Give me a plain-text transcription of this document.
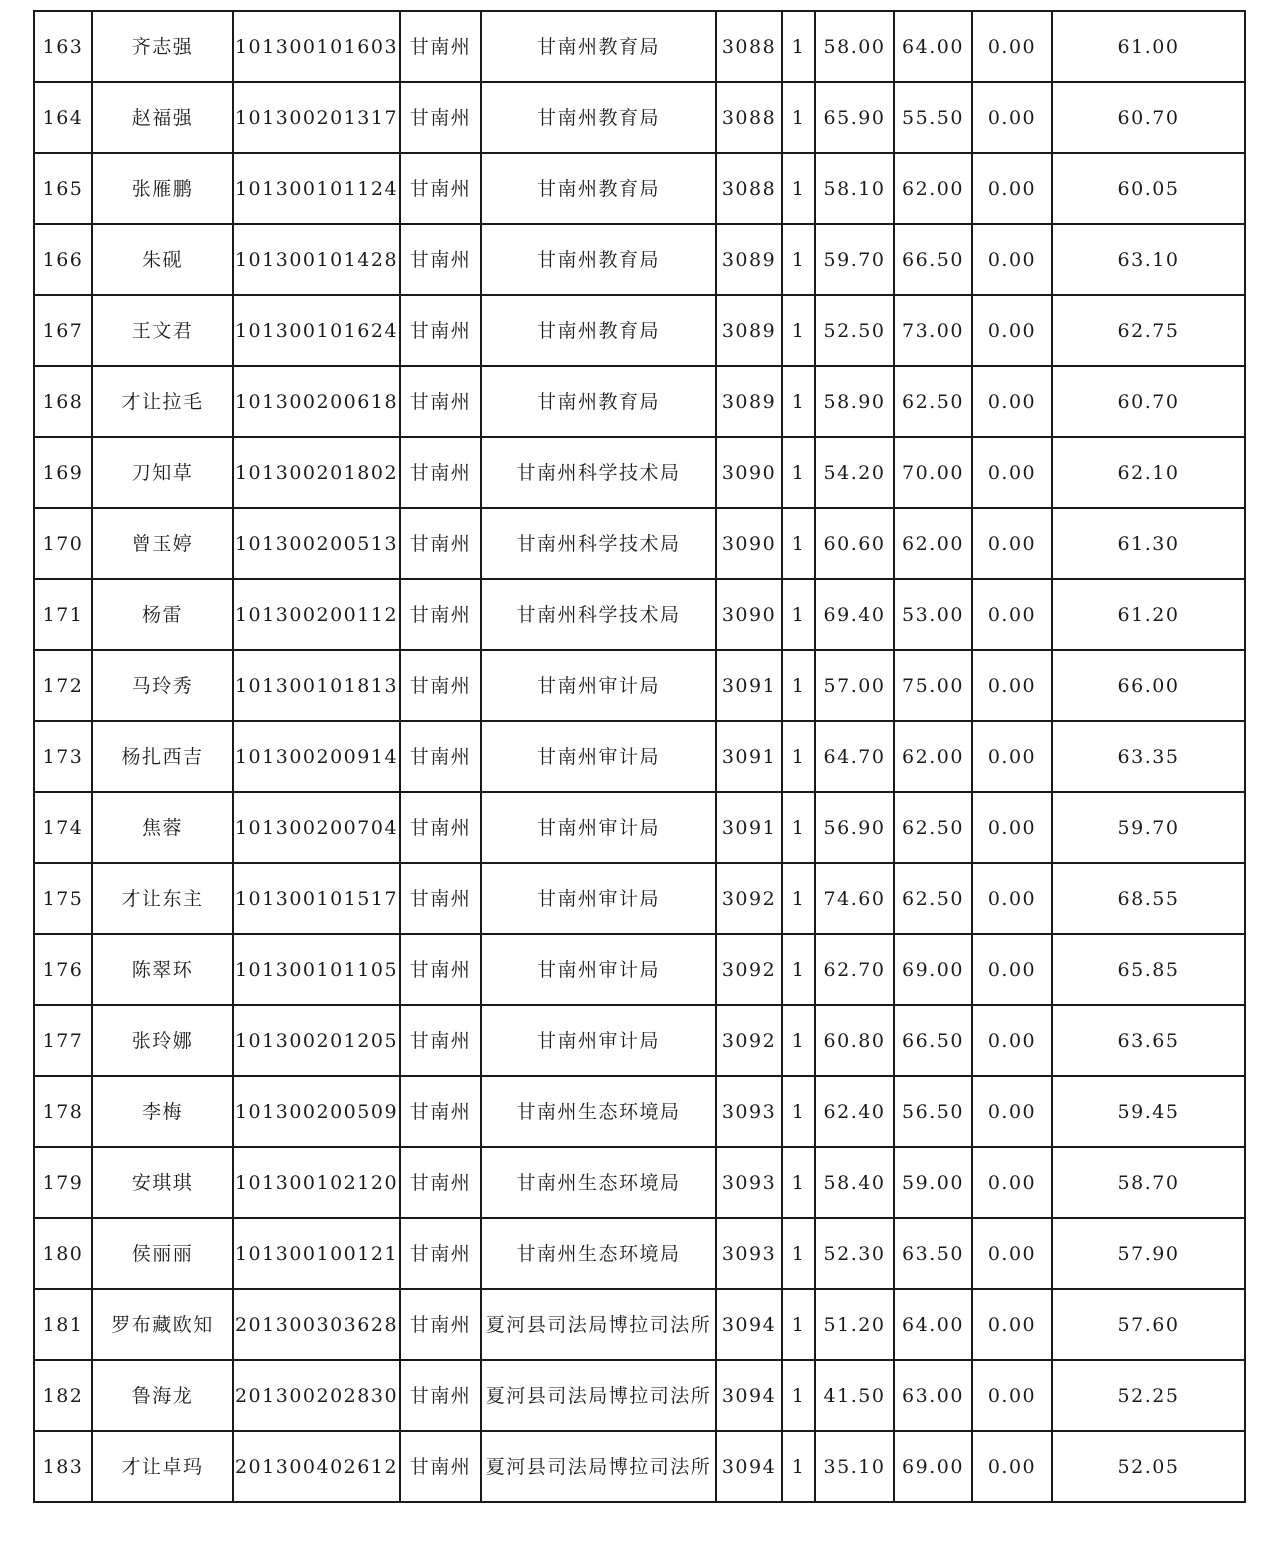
163	齐志强	101300101603	甘南州	甘南州教育局	3088	1	58.00	64.00	0.00	61.00
164	赵福强	101300201317	甘南州	甘南州教育局	3088	1	65.90	55.50	0.00	60.70
165	张雁鹏	101300101124	甘南州	甘南州教育局	3088	1	58.10	62.00	0.00	60.05
166	朱砚	101300101428	甘南州	甘南州教育局	3089	1	59.70	66.50	0.00	63.10
167	王文君	101300101624	甘南州	甘南州教育局	3089	1	52.50	73.00	0.00	62.75
168	才让拉毛	101300200618	甘南州	甘南州教育局	3089	1	58.90	62.50	0.00	60.70
169	刀知草	101300201802	甘南州	甘南州科学技术局	3090	1	54.20	70.00	0.00	62.10
170	曾玉婷	101300200513	甘南州	甘南州科学技术局	3090	1	60.60	62.00	0.00	61.30
171	杨雷	101300200112	甘南州	甘南州科学技术局	3090	1	69.40	53.00	0.00	61.20
172	马玲秀	101300101813	甘南州	甘南州审计局	3091	1	57.00	75.00	0.00	66.00
173	杨扎西吉	101300200914	甘南州	甘南州审计局	3091	1	64.70	62.00	0.00	63.35
174	焦蓉	101300200704	甘南州	甘南州审计局	3091	1	56.90	62.50	0.00	59.70
175	才让东主	101300101517	甘南州	甘南州审计局	3092	1	74.60	62.50	0.00	68.55
176	陈翠环	101300101105	甘南州	甘南州审计局	3092	1	62.70	69.00	0.00	65.85
177	张玲娜	101300201205	甘南州	甘南州审计局	3092	1	60.80	66.50	0.00	63.65
178	李梅	101300200509	甘南州	甘南州生态环境局	3093	1	62.40	56.50	0.00	59.45
179	安琪琪	101300102120	甘南州	甘南州生态环境局	3093	1	58.40	59.00	0.00	58.70
180	侯丽丽	101300100121	甘南州	甘南州生态环境局	3093	1	52.30	63.50	0.00	57.90
181	罗布藏欧知	201300303628	甘南州	夏河县司法局博拉司法所	3094	1	51.20	64.00	0.00	57.60
182	鲁海龙	201300202830	甘南州	夏河县司法局博拉司法所	3094	1	41.50	63.00	0.00	52.25
183	才让卓玛	201300402612	甘南州	夏河县司法局博拉司法所	3094	1	35.10	69.00	0.00	52.05
